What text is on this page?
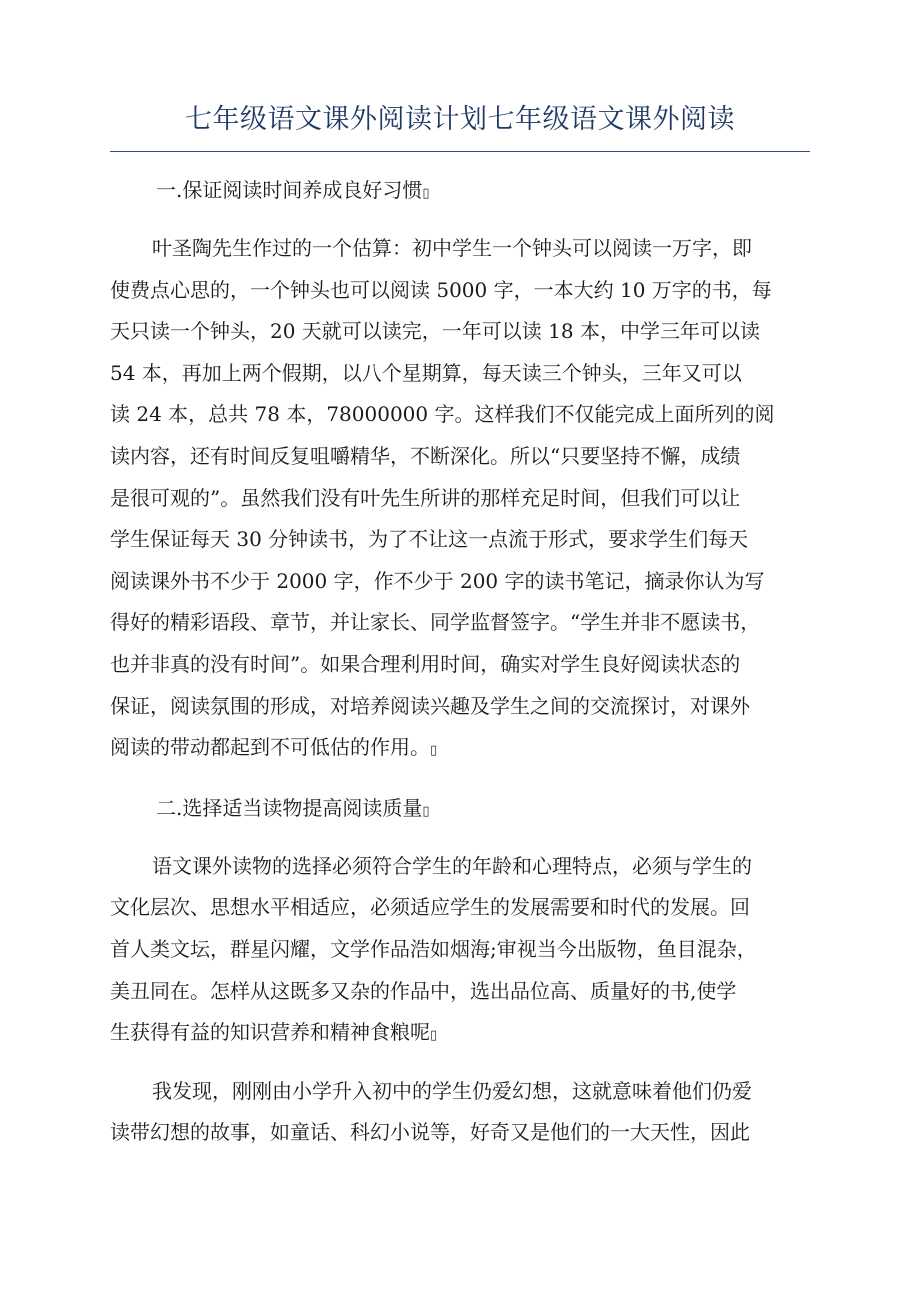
七年级语文课外阅读计划七年级语文课外阅读

一.保证阅读时间养成良好习惯▯

叶圣陶先生作过的一个估算：初中学生一个钟头可以阅读一万字，即

使费点心思的，一个钟头也可以阅读 5000 字，一本大约 10 万字的书，每

天只读一个钟头，20 天就可以读完，一年可以读 18 本，中学三年可以读

54 本，再加上两个假期，以八个星期算，每天读三个钟头，三年又可以

读 24 本，总共 78 本，78000000 字。这样我们不仅能完成上面所列的阅

读内容，还有时间反复咀嚼精华，不断深化。所以“只要坚持不懈，成绩

是很可观的”。虽然我们没有叶先生所讲的那样充足时间，但我们可以让

学生保证每天 30 分钟读书，为了不让这一点流于形式，要求学生们每天

阅读课外书不少于 2000 字，作不少于 200 字的读书笔记，摘录你认为写

得好的精彩语段、章节，并让家长、同学监督签字。“学生并非不愿读书，

也并非真的没有时间”。如果合理利用时间，确实对学生良好阅读状态的

保证，阅读氛围的形成，对培养阅读兴趣及学生之间的交流探讨，对课外

阅读的带动都起到不可低估的作用。▯

二.选择适当读物提高阅读质量▯

语文课外读物的选择必须符合学生的年龄和心理特点，必须与学生的

文化层次、思想水平相适应，必须适应学生的发展需要和时代的发展。回

首人类文坛，群星闪耀，文学作品浩如烟海;审视当今出版物，鱼目混杂，

美丑同在。怎样从这既多又杂的作品中，选出品位高、质量好的书,使学

生获得有益的知识营养和精神食粮呢▯

我发现，刚刚由小学升入初中的学生仍爱幻想，这就意味着他们仍爱

读带幻想的故事，如童话、科幻小说等，好奇又是他们的一大天性，因此
